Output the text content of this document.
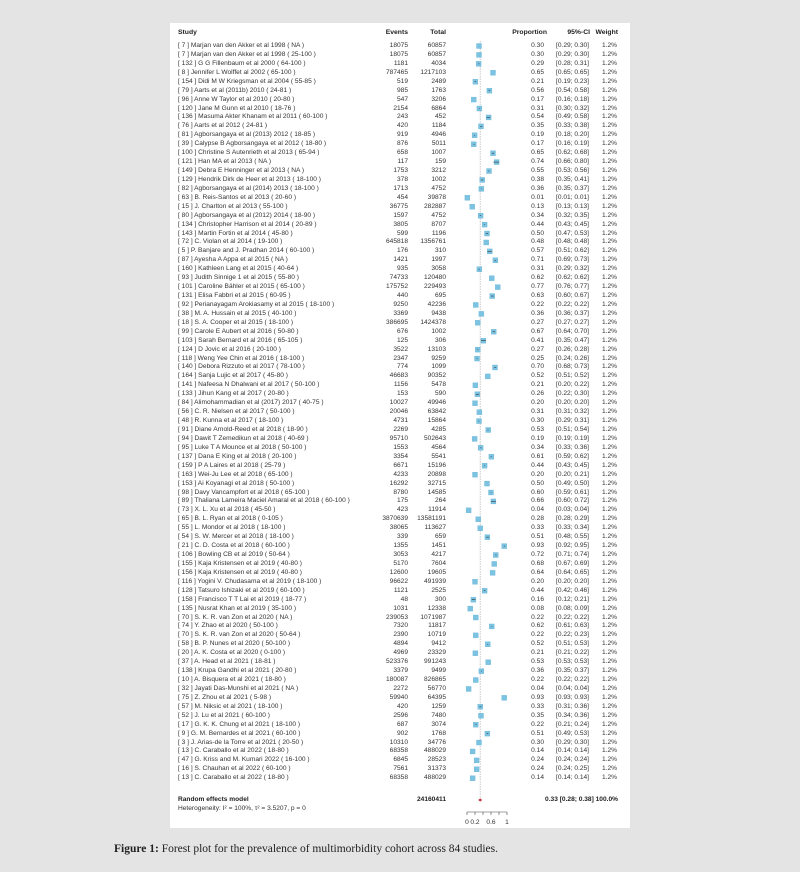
Study	Events	Total	Proportion	95%-CI Weight
[ 7 ] Marjan van den Akker et al 1998 ( NA )	18075	60857	0.30 [0.29; 0.30] 1.2%
[ 7 ] Marjan van den Akker et al 1998 ( 25-100 )	18075	60857	0.30 [0.29; 0.30] 1.2%
[ 132 ] G G Fillenbaum et al 2000 ( 64-100 )	1181	4034	0.29 [0.28; 0.31] 1.2%
[ 8 ] Jennifer L Wolffet al 2002 ( 65-100 )	787465 1217103	0.65 [0.65; 0.65] 1.2%
[ 154 ] Didi M W Kriegsman et al 2004 ( 55-85 )	519	2489	0.21 [0.19; 0.23] 1.2%
[ 79 ] Aarts et al (2011b) 2010 ( 24-81 )	985	1763	0.56 [0.54; 0.58] 1.2%
[ 96 ] Anne W Taylor et al 2010 ( 20-80 )	547	3206	0.17 [0.16; 0.18] 1.2%
[ 120 ] Jane M Gunn et al 2010 ( 18-76 )	2154	6864	0.31 [0.30; 0.32] 1.2%
[ 136 ] Masuma Akter Khanam et al 2011 ( 60-100 )	243	452	0.54 [0.49; 0.58] 1.2%
[ 76 ] Aarts et al 2012 ( 24-81 )	420	1184	0.35 [0.33; 0.38] 1.2%
[ 81 ] Agborsangaya et al (2013) 2012 ( 18-85 )	919	4946	0.19 [0.18; 0.20] 1.2%
[ 39 ] Calypse B Agborsangaya et al 2012 ( 18-80 )	876	5011	0.17 [0.16; 0.19] 1.2%
[ 100 ] Christine S Autenrieth et al 2013 ( 65-94 )	658	1007	0.65 [0.62; 0.68] 1.2%
[ 121 ] Han MA et al 2013 ( NA )	117	159	0.74 [0.66; 0.80] 1.2%
[ 149 ] Debra E Henninger et al 2013 ( NA )	1753	3212	0.55 [0.53; 0.56] 1.2%
[ 129 ] Hendrik Dirk de Heer et al 2013 ( 18-100 )	378	1002	0.38 [0.35; 0.41] 1.2%
[ 82 ] Agborsangaya et al (2014) 2013 ( 18-100 )	1713	4752	0.36 [0.35; 0.37] 1.2%
[ 63 ] B. Reis-Santos et al 2013 ( 20-60 )	454	39878	0.01 [0.01; 0.01] 1.2%
[ 15 ] J. Charlton et al 2013 ( 55-100 )	36775 282887	0.13 [0.13; 0.13] 1.2%
[ 80 ] Agborsangaya et al (2012) 2014 ( 18-90 )	1597	4752	0.34 [0.32; 0.35] 1.2%
[ 134 ] Christopher Harrison et al 2014 ( 20-89 )	3805	8707	0.44 [0.43; 0.45] 1.2%
[ 143 ] Martin Fortin et al 2014 ( 45-80 )	599	1196	0.50 [0.47; 0.53] 1.2%
[ 72 ] C. Violan et al 2014 ( 19-100 )	645818 1356761	0.48 [0.48; 0.48] 1.2%
[ 5 ] P. Banjare and J. Pradhan 2014 ( 60-100 )	176	310	0.57 [0.51; 0.62] 1.2%
[ 87 ] Ayesha A Appa et al 2015 ( NA )	1421	1997	0.71 [0.69; 0.73] 1.2%
[ 160 ] Kathleen Lang et al 2015 ( 40-64 )	935	3058	0.31 [0.29; 0.32] 1.2%
[ 93 ] Judith Sinnige 1 et al 2015 ( 55-80 )	74733 120480	0.62 [0.62; 0.62] 1.2%
[ 101 ] Caroline Bähler et al 2015 ( 65-100 )	175752 229493	0.77 [0.76; 0.77] 1.2%
[ 131 ] Elisa Fabbri et al 2015 ( 60-95 )	440	695	0.63 [0.60; 0.67] 1.2%
[ 92 ] Perianayagam Arokiasamy et al 2015 ( 18-100 )	9250	42236	0.22 [0.22; 0.22] 1.2%
[ 38 ] M. A. Hussain et al 2015 ( 40-100 )	3369	9438	0.36 [0.36; 0.37] 1.2%
[ 18 ] S. A. Cooper et al 2015 ( 18-100 )	386695 1424378	0.27 [0.27; 0.27] 1.2%
[ 99 ] Carole E Aubert et al 2016 ( 50-80 )	676	1002	0.67 [0.64; 0.70] 1.2%
[ 103 ] Sarah Bernard et al 2016 ( 65-105 )	125	306	0.41 [0.35; 0.47] 1.2%
[ 124 ] D Jovic et al 2016 ( 20-100 )	3522	13103	0.27 [0.26; 0.28] 1.2%
[ 118 ] Weng Yee Chin et al 2016 ( 18-100 )	2347	9259	0.25 [0.24; 0.26] 1.2%
[ 140 ] Debora Rizzuto et al 2017 ( 78-100 )	774	1099	0.70 [0.68; 0.73] 1.2%
[ 164 ] Sanja Lujic et al 2017 ( 45-80 )	46683	90352	0.52 [0.51; 0.52] 1.2%
[ 141 ] Nafeesa N Dhalwani et al 2017 ( 50-100 )	1156	5478	0.21 [0.20; 0.22] 1.2%
[ 133 ] Jihun Kang et al 2017 ( 20-80 )	153	590	0.26 [0.22; 0.30] 1.2%
[ 84 ] Alimohammadian et al (2017) 2017 ( 40-75 )	10027	49946	0.20 [0.20; 0.20] 1.2%
[ 56 ] C. R. Nielsen et al 2017 ( 50-100 )	20046	63842	0.31 [0.31; 0.32] 1.2%
[ 48 ] R. Kunna et al 2017 ( 18-100 )	4731	15864	0.30 [0.29; 0.31] 1.2%
[ 91 ] Diane Arnold-Reed et al 2018 ( 18-90 )	2269	4285	0.53 [0.51; 0.54] 1.2%
[ 94 ] Dawit T Zemedikun et al 2018 ( 40-69 )	95710 502643	0.19 [0.19; 0.19] 1.2%
[ 95 ] Luke T A Mounce et al 2018 ( 50-100 )	1553	4564	0.34 [0.33; 0.36] 1.2%
[ 137 ] Dana E King et al 2018 ( 20-100 )	3354	5541	0.61 [0.59; 0.62] 1.2%
[ 159 ] P A Laires et al 2018 ( 25-79 )	6671	15196	0.44 [0.43; 0.45] 1.2%
[ 163 ] Wei-Ju Lee et al 2018 ( 65-100 )	4233	20898	0.20 [0.20; 0.21] 1.2%
[ 153 ] Ai Koyanagi et al 2018 ( 50-100 )	16292	32715	0.50 [0.49; 0.50] 1.2%
[ 98 ] Davy Vancampfort et al 2018 ( 65-100 )	8780	14585	0.60 [0.59; 0.61] 1.2%
[ 89 ] Thaliana Lameira Maciel Amaral et al 2018 ( 60-100 )	175	264	0.66 [0.60; 0.72] 1.2%
[ 73 ] X. L. Xu et al 2018 ( 45-50 )	423	11914	0.04 [0.03; 0.04] 1.2%
[ 65 ] B. L. Ryan et al 2018 ( 0-105 )	3870639 13581191	0.28 [0.28; 0.29] 1.2%
[ 55 ] L. Mondor et al 2018 ( 18-100 )	38065 113627	0.33 [0.33; 0.34] 1.2%
[ 54 ] S. W. Mercer et al 2018 ( 18-100 )	339	659	0.51 [0.48; 0.55] 1.2%
[ 21 ] C. D. Costa et al 2018 ( 60-100 )	1355	1451	0.93 [0.92; 0.95] 1.2%
[ 106 ] Bowling CB et al 2019 ( 50-64 )	3053	4217	0.72 [0.71; 0.74] 1.2%
[ 155 ] Kaja Kristensen et al 2019 ( 40-80 )	5170	7604	0.68 [0.67; 0.69] 1.2%
[ 156 ] Kaja Kristensen et al 2019 ( 40-80 )	12600	19605	0.64 [0.64; 0.65] 1.2%
[ 116 ] Yogini V. Chudasama et al 2019 ( 18-100 )	96622 491939	0.20 [0.20; 0.20] 1.2%
[ 128 ] Tatsuro Ishizaki et al 2019 ( 60-100 )	1121	2525	0.44 [0.42; 0.46] 1.2%
[ 158 ] Francisco T T Lai et al 2019 ( 18-77 )	48	300	0.16 [0.12; 0.21] 1.2%
[ 135 ] Nusrat Khan et al 2019 ( 35-100 )	1031	12338	0.08 [0.08; 0.09] 1.2%
[ 70 ] S. K. R. van Zon et al 2020 ( NA )	239053 1071987	0.22 [0.22; 0.22] 1.2%
[ 74 ] Y. Zhao et al 2020 ( 50-100 )	7320	11817	0.62 [0.61; 0.63] 1.2%
[ 70 ] S. K. R. van Zon et al 2020 ( 50-64 )	2390	10719	0.22 [0.22; 0.23] 1.2%
[ 58 ] B. P. Nunes et al 2020 ( 50-100 )	4894	9412	0.52 [0.51; 0.53] 1.2%
[ 20 ] A. K. Costa et al 2020 ( 0-100 )	4969	23329	0.21 [0.21; 0.22] 1.2%
[ 37 ] A. Head et al 2021 ( 18-81 )	523376 991243	0.53 [0.53; 0.53] 1.2%
[ 138 ] Krupa Gandhi et al 2021 ( 20-80 )	3379	9499	0.36 [0.35; 0.37] 1.2%
[ 10 ] A. Bisquera et al 2021 ( 18-80 )	180087 826865	0.22 [0.22; 0.22] 1.2%
[ 32 ] Jayati Das-Munshi et al 2021 ( NA )	2272	56770	0.04 [0.04; 0.04] 1.2%
[ 75 ] Z. Zhou et al 2021 ( 5-98 )	59940	64395	0.93 [0.93; 0.93] 1.2%
[ 57 ] M. Niksic et al 2021 ( 18-100 )	420	1259	0.33 [0.31; 0.36] 1.2%
[ 52 ] J. Lu et al 2021 ( 60-100 )	2596	7480	0.35 [0.34; 0.36] 1.2%
[ 17 ] G. K. K. Chung et al 2021 ( 18-100 )	687	3074	0.22 [0.21; 0.24] 1.2%
[ 9 ] G. M. Bernardes et al 2021 ( 60-100 )	902	1768	0.51 [0.49; 0.53] 1.2%
[ 3 ] J. Arias-de la Torre et al 2021 ( 20-50 )	10310	34776	0.30 [0.29; 0.30] 1.2%
[ 13 ] C. Caraballo et al 2022 ( 18-80 )	68358 488029	0.14 [0.14; 0.14] 1.2%
[ 47 ] G. Kriss and M. Kumari 2022 ( 16-100 )	6845	28523	0.24 [0.24; 0.24] 1.2%
[ 16 ] S. Chauhan et al 2022 ( 60-100 )	7561	31373	0.24 [0.24; 0.25] 1.2%
[ 13 ] C. Caraballo et al 2022 ( 18-80 )	68358 488029	0.14 [0.14; 0.14] 1.2%
0 0.2 0.6 1
Random effects model	24160411	0.33 [0.28; 0.38] 100.0%
Heterogeneity: I² = 100%, τ² = 3.5207, p = 0
Figure 1: Forest plot for the prevalence of multimorbidity cohort across 84 studies.
